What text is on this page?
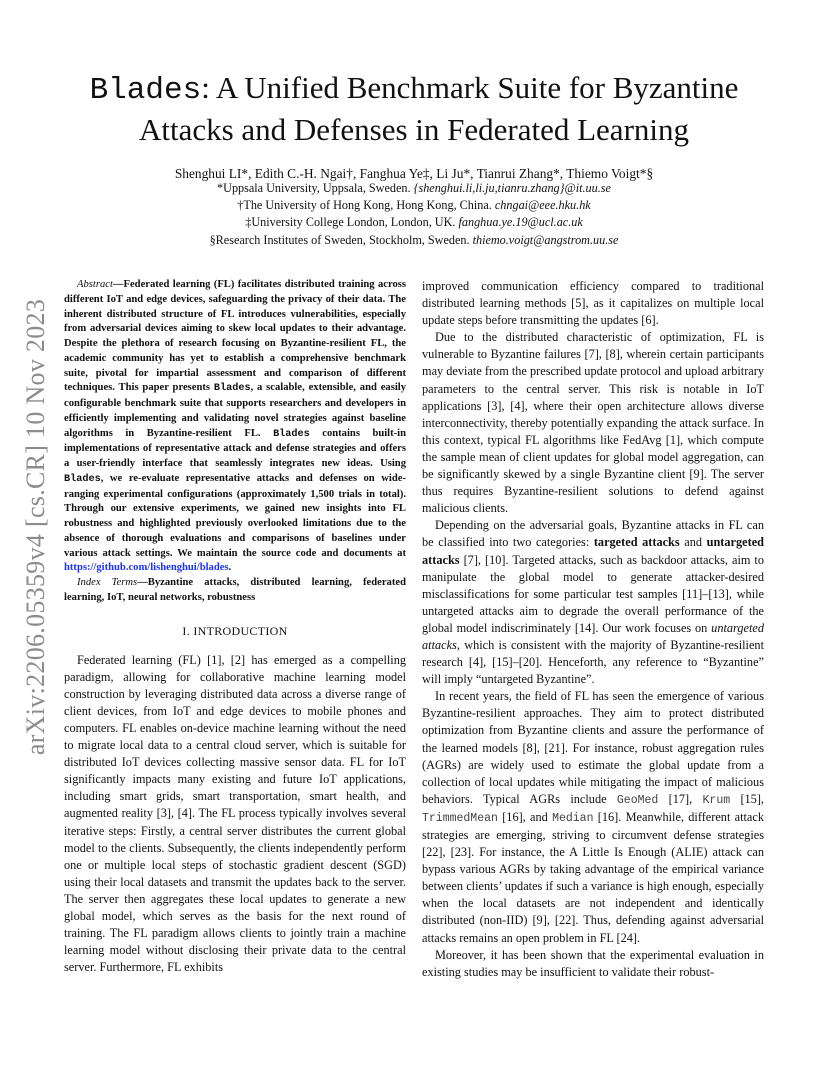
arXiv:2206.05359v4 [cs.CR] 10 Nov 2023
Blades: A Unified Benchmark Suite for Byzantine
Attacks and Defenses in Federated Learning
Shenghui LI*, Edith C.-H. Ngai†, Fanghua Ye‡, Li Ju*, Tianrui Zhang*, Thiemo Voigt*§
*Uppsala University, Uppsala, Sweden. {shenghui.li,li.ju,tianru.zhang}@it.uu.se
†The University of Hong Kong, Hong Kong, China. chngai@eee.hku.hk
‡University College London, London, UK. fanghua.ye.19@ucl.ac.uk
§Research Institutes of Sweden, Stockholm, Sweden. thiemo.voigt@angstrom.uu.se

Abstract—Federated learning (FL) facilitates distributed training across different IoT and edge devices, safeguarding the privacy of their data. The inherent distributed structure of FL introduces vulnerabilities, especially from adversarial devices aiming to skew local updates to their advantage. Despite the plethora of research focusing on Byzantine-resilient FL, the academic community has yet to establish a comprehensive benchmark suite, pivotal for impartial assessment and comparison of different techniques. This paper presents Blades, a scalable, extensible, and easily configurable benchmark suite that supports researchers and developers in efficiently implementing and validating novel strategies against baseline algorithms in Byzantine-resilient FL. Blades contains built-in implementations of representative attack and defense strategies and offers a user-friendly interface that seamlessly integrates new ideas. Using Blades, we re-evaluate representative attacks and defenses on wide-ranging experimental configurations (approximately 1,500 trials in total). Through our extensive experiments, we gained new insights into FL robustness and highlighted previously overlooked limitations due to the absence of thorough evaluations and comparisons of baselines under various attack settings. We maintain the source code and documents at https://github.com/lishenghui/blades.

Index Terms—Byzantine attacks, distributed learning, federated learning, IoT, neural networks, robustness

I. INTRODUCTION

Federated learning (FL) [1], [2] has emerged as a compelling paradigm, allowing for collaborative machine learning model construction by leveraging distributed data across a diverse range of client devices, from IoT and edge devices to mobile phones and computers. FL enables on-device machine learning without the need to migrate local data to a central cloud server, which is suitable for distributed IoT devices collecting massive sensor data. FL for IoT significantly impacts many existing and future IoT applications, including smart grids, smart transportation, smart health, and augmented reality [3], [4]. The FL process typically involves several iterative steps: Firstly, a central server distributes the current global model to the clients. Subsequently, the clients independently perform one or multiple local steps of stochastic gradient descent (SGD) using their local datasets and transmit the updates back to the server. The server then aggregates these local updates to generate a new global model, which serves as the basis for the next round of training. The FL paradigm allows clients to jointly train a machine learning model without disclosing their private data to the central server. Furthermore, FL exhibits

improved communication efficiency compared to traditional distributed learning methods [5], as it capitalizes on multiple local update steps before transmitting the updates [6].

Due to the distributed characteristic of optimization, FL is vulnerable to Byzantine failures [7], [8], wherein certain participants may deviate from the prescribed update protocol and upload arbitrary parameters to the central server. This risk is notable in IoT applications [3], [4], where their open architecture allows diverse interconnectivity, thereby potentially expanding the attack surface. In this context, typical FL algorithms like FedAvg [1], which compute the sample mean of client updates for global model aggregation, can be significantly skewed by a single Byzantine client [9]. The server thus requires Byzantine-resilient solutions to defend against malicious clients.

Depending on the adversarial goals, Byzantine attacks in FL can be classified into two categories: targeted attacks and untargeted attacks [7], [10]. Targeted attacks, such as backdoor attacks, aim to manipulate the global model to generate attacker-desired misclassifications for some particular test samples [11]–[13], while untargeted attacks aim to degrade the overall performance of the global model indiscriminately [14]. Our work focuses on untargeted attacks, which is consistent with the majority of Byzantine-resilient research [4], [15]–[20]. Henceforth, any reference to “Byzantine” will imply “untargeted Byzantine”.

In recent years, the field of FL has seen the emergence of various Byzantine-resilient approaches. They aim to protect distributed optimization from Byzantine clients and assure the performance of the learned models [8], [21]. For instance, robust aggregation rules (AGRs) are widely used to estimate the global update from a collection of local updates while mitigating the impact of malicious behaviors. Typical AGRs include GeoMed [17], Krum [15], TrimmedMean [16], and Median [16]. Meanwhile, different attack strategies are emerging, striving to circumvent defense strategies [22], [23]. For instance, the A Little Is Enough (ALIE) attack can bypass various AGRs by taking advantage of the empirical variance between clients’ updates if such a variance is high enough, especially when the local datasets are not independent and identically distributed (non-IID) [9], [22]. Thus, defending against adversarial attacks remains an open problem in FL [24].

Moreover, it has been shown that the experimental evaluation in existing studies may be insufficient to validate their robust-
